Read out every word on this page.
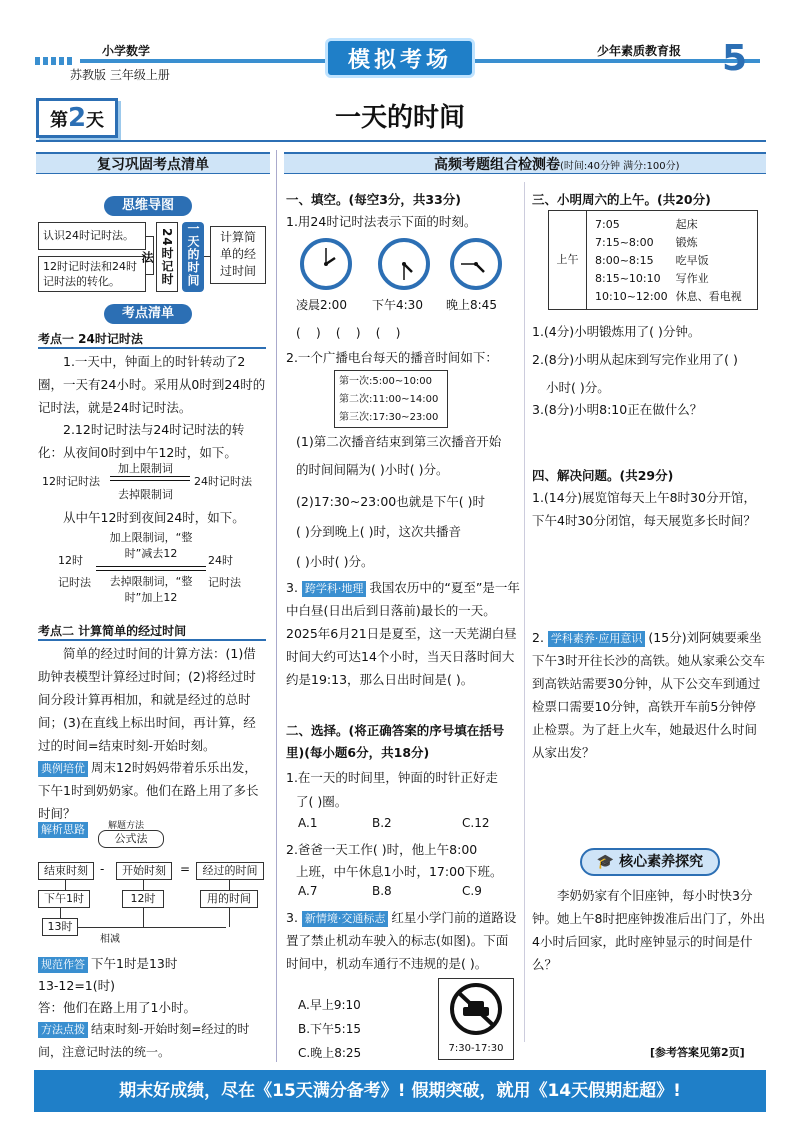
小学数学
苏教版 三年级上册
模拟考场	少年素质教育报 5
第2天	一天的时间
复习巩固考点清单
思维导图
认识24时记时法。
12时记时法和24时记时法的转化。	24时记时法	一天的时间	计算简单的经过时间
考点清单
考点一 24时记时法
1.一天中，钟面上的时针转动了2圈，一天有24小时。采用从0时到24时的记时法，就是24时记时法。
2.12时记时法与24时记时法的转化：从夜间0时到中午12时，如下。
12时记时法
加上限制词
去掉限制词
24时记时法
从中午12时到夜间24时，如下。
加上限制词，“整时”减去12
12时记时法	去掉限制词，“整时”加上12
24时记时法
考点二 计算简单的经过时间
简单的经过时间的计算方法：(1)借助钟表模型计算经过时间；(2)将经过时间分段计算再相加，和就是经过的总时间；(3)在直线上标出时间，再计算，经过的时间=结束时刻-开始时刻。
典例培优 周末12时妈妈带着乐乐出发，下午1时到奶奶家。他们在路上用了多长时间？
解析思路	解题方法
公式法
结束时刻	-	开始时刻	=	经过的时间
下午1时	12时	用的时间
13时
相减
规范作答 下午1时是13时
13-12=1(时)
答：他们在路上用了1小时。
方法点拨 结束时刻-开始时刻=经过的时间，注意记时法的统一。
高频考题组合检测卷(时间:40分钟 满分:100分)
一、填空。(每空3分，共33分)
1.用24时记时法表示下面的时刻。
凌晨2:00 下午4:30 晚上8:45
(    )    (    )    (    )
2.一个广播电台每天的播音时间如下：
第一次:5:00~10:00
第二次:11:00~14:00
第三次:17:30~23:00
(1)第二次播音结束到第三次播音开始
的时间间隔为( )小时( )分。
(2)17:30~23:00也就是下午( )时
( )分到晚上( )时，这次共播音
( )小时( )分。
3. 跨学科·地理 我国农历中的“夏至”是一年中白昼(日出后到日落前)最长的一天。2025年6月21日是夏至，这一天芜湖白昼时间大约可达14个小时，当天日落时间大约是19:13，那么日出时间是( )。
二、选择。(将正确答案的序号填在括号里)(每小题6分，共18分)
1.在一天的时间里，钟面的时针正好走
了( )圈。
A.1	B.2	C.12
2.爸爸一天工作( )时，他上午8:00
上班，中午休息1小时，17:00下班。
A.7	B.8	C.9
3. 新情境·交通标志 红星小学门前的道路设置了禁止机动车驶入的标志(如图)。下面时间中，机动车通行不违规的是( )。
A.早上9:10
B.下午5:15
C.晚上8:25	7:30-17:30
三、小明周六的上午。(共20分)
上午
7:05	起床
7:15~8:00	锻炼
8:00~8:15	吃早饭
8:15~10:10	写作业
10:10~12:00	休息、看电视
1.(4分)小明锻炼用了( )分钟。
2.(8分)小明从起床到写完作业用了( )
小时( )分。
3.(8分)小明8:10正在做什么？
四、解决问题。(共29分)
1.(14分)展览馆每天上午8时30分开馆，下午4时30分闭馆，每天展览多长时间？
2. 学科素养·应用意识 (15分)刘阿姨要乘坐下午3时开往长沙的高铁。她从家乘公交车到高铁站需要30分钟，从下公交车到通过检票口需要10分钟，高铁开车前5分钟停止检票。为了赶上火车，她最迟什么时间从家出发？
🎓 核心素养探究
李奶奶家有个旧座钟，每小时快3分钟。她上午8时把座钟拨准后出门了，外出4小时后回家，此时座钟显示的时间是什么？
[参考答案见第2页]
期末好成绩，尽在《15天满分备考》! 假期突破，就用《14天假期赶超》!
